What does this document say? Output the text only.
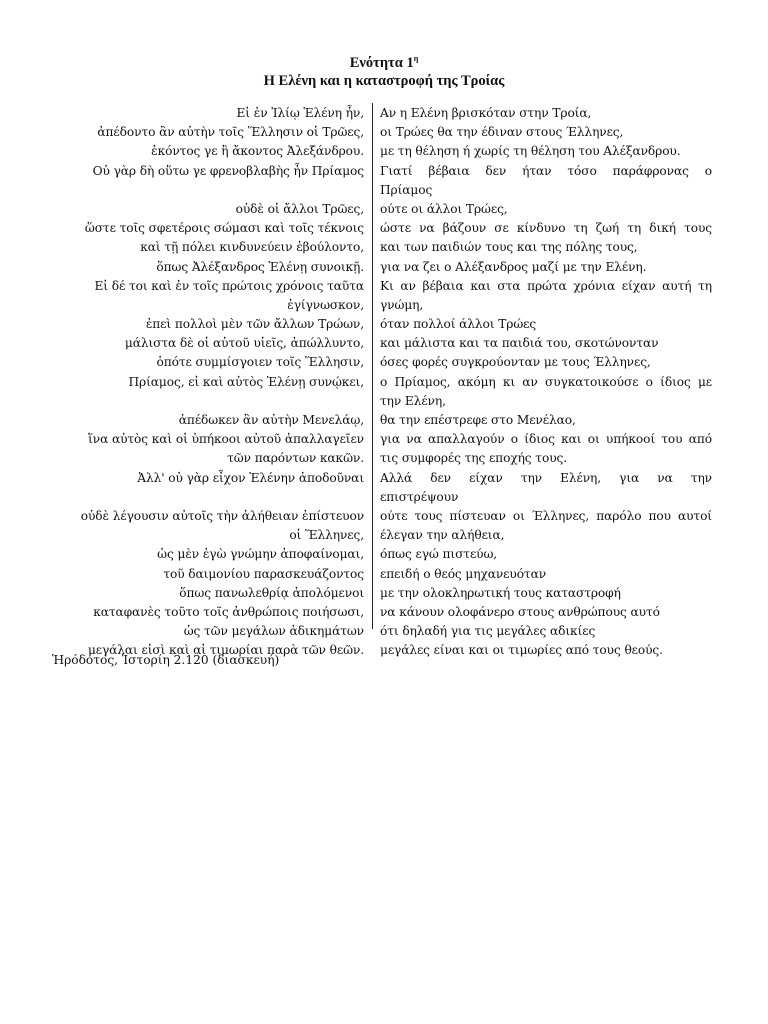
Ενότητα $1^\eta$
Η Ελένη και η καταστροφή της Τροίας
Εἰ ἐν Ἰλίῳ Ἑλένη ἦν,
ἀπέδοντο ἂν αὐτὴν τοῖς Ἕλλησιν οἱ Τρῶες,
ἑκόντος γε ἢ ἄκοντος Ἀλεξάνδρου.
Οὐ γὰρ δὴ οὕτω γε φρενοβλαβὴς ἦν Πρίαμος
οὐδὲ οἱ ἄλλοι Τρῶες,
ὥστε τοῖς σφετέροις σώμασι καὶ τοῖς τέκνοις
καὶ τῇ πόλει κινδυνεύειν ἐβούλοντο,
ὅπως Ἀλέξανδρος Ἑλένῃ συνοικῇ.
Εἰ δέ τοι καὶ ἐν τοῖς πρώτοις χρόνοις ταῦτα
ἐγίγνωσκον,
ἐπεὶ πολλοὶ μὲν τῶν ἄλλων Τρώων,
μάλιστα δὲ οἱ αὐτοῦ υἱεῖς, ἀπώλλυντο,
ὁπότε συμμίσγοιεν τοῖς Ἕλλησιν,
Πρίαμος, εἰ καὶ αὐτὸς Ἑλένῃ συνῴκει,
ἀπέδωκεν ἂν αὐτὴν Μενελάῳ,
ἵνα αὐτὸς καὶ οἱ ὑπήκοοι αὐτοῦ ἀπαλλαγεῖεν
τῶν παρόντων κακῶν.
Ἀλλ' οὐ γὰρ εἶχον Ἑλένην ἀποδοῦναι
οὐδὲ λέγουσιν αὐτοῖς τὴν ἀλήθειαν ἐπίστευον
οἱ Ἕλληνες,
ὡς μὲν ἐγὼ γνώμην ἀποφαίνομαι,
τοῦ δαιμονίου παρασκευάζοντος
ὅπως πανωλεθρίᾳ ἀπολόμενοι
καταφανὲς τοῦτο τοῖς ἀνθρώποις ποιήσωσι,
ὡς τῶν μεγάλων ἀδικημάτων
μεγάλαι εἰσὶ καὶ αἱ τιμωρίαι παρὰ τῶν θεῶν.
Αν η Ελένη βρισκόταν στην Τροία,
οι Τρώες θα την έδιναν στους Έλληνες,
με τη θέληση ή χωρίς τη θέληση του Αλέξανδρου.
Γιατί βέβαια δεν ήταν τόσο παράφρονας ο
Πρίαμος
ούτε οι άλλοι Τρώες,
ώστε να βάζουν σε κίνδυνο τη ζωή τη δική τους
και των παιδιών τους και της πόλης τους,
για να ζει ο Αλέξανδρος μαζί με την Ελένη.
Κι αν βέβαια και στα πρώτα χρόνια είχαν αυτή τη
γνώμη,
όταν πολλοί άλλοι Τρώες
και μάλιστα και τα παιδιά του, σκοτώνονταν
όσες φορές συγκρούονταν με τους Έλληνες,
ο Πρίαμος, ακόμη κι αν συγκατοικούσε ο ίδιος με
την Ελένη,
θα την επέστρεφε στο Μενέλαο,
για να απαλλαγούν ο ίδιος και οι υπήκοοί του από
τις συμφορές της εποχής τους.
Αλλά δεν είχαν την Ελένη, για να την
επιστρέψουν
ούτε τους πίστευαν οι Έλληνες, παρόλο που αυτοί
έλεγαν την αλήθεια,
όπως εγώ πιστεύω,
επειδή ο θεός μηχανευόταν
με την ολοκληρωτική τους καταστροφή
να κάνουν ολοφάνερο στους ανθρώπους αυτό
ότι δηλαδή για τις μεγάλες αδικίες
μεγάλες είναι και οι τιμωρίες από τους θεούς.
Ἡρόδοτος, Ἱστορίη 2.120 (διασκευή)
